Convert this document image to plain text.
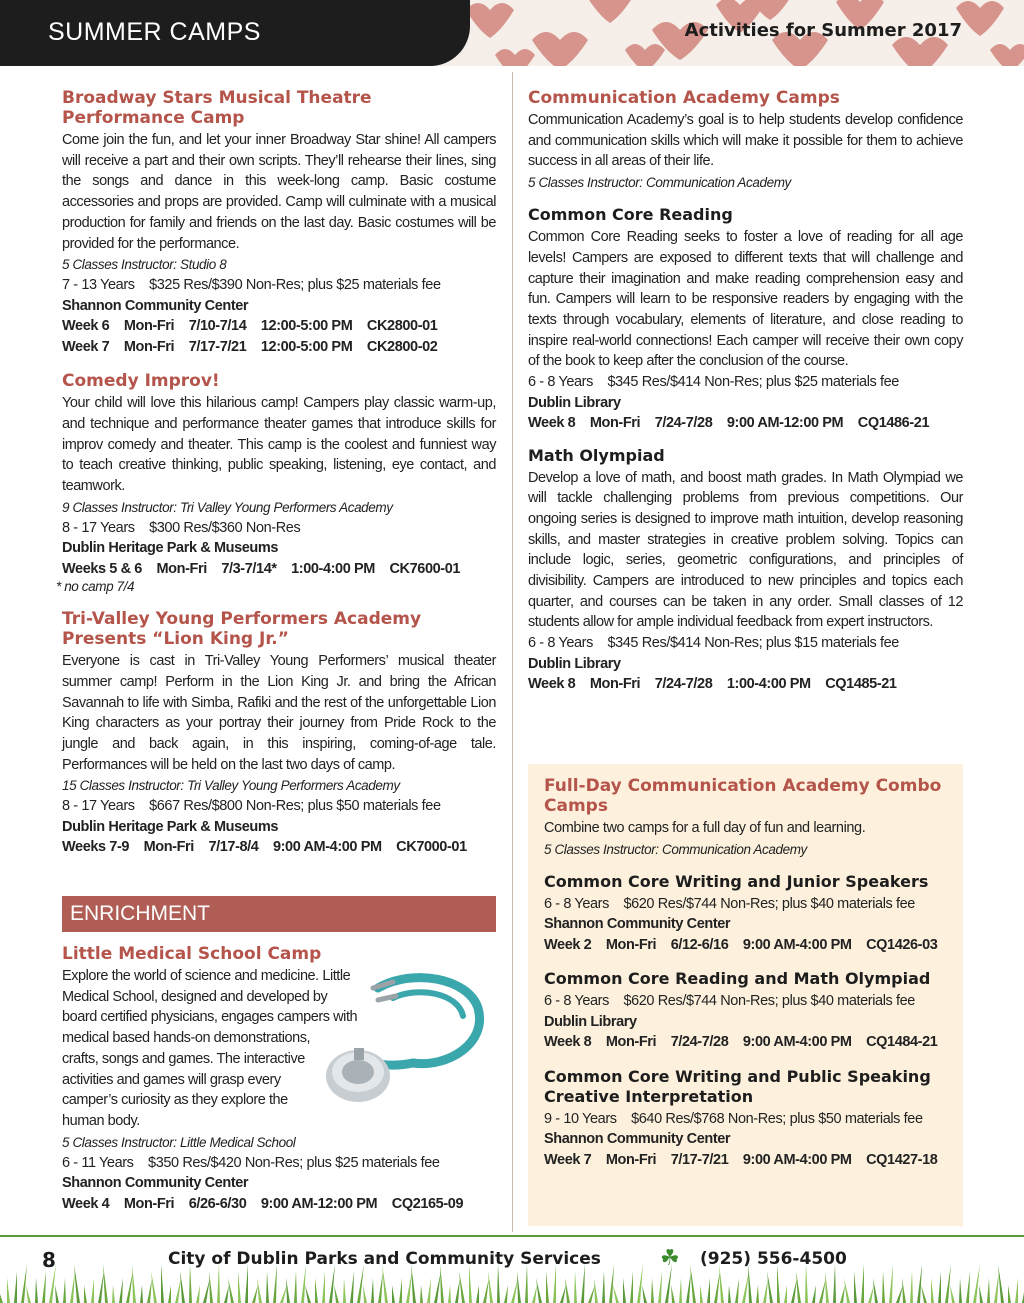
SUMMER CAMPS	Activities for Summer 2017
Broadway Stars Musical Theatre Performance Camp

Come join the fun, and let your inner Broadway Star shine! All campers will receive a part and their own scripts. They’ll rehearse their lines, sing the songs and dance in this week-long camp. Basic costume accessories and props are provided. Camp will culminate with a musical production for family and friends on the last day. Basic costumes will be provided for the performance.

5 Classes Instructor: Studio 8

7 - 13 Years    $325 Res/$390 Non-Res; plus $25 materials fee

Shannon Community Center

Week 6    Mon-Fri    7/10-7/14    12:00-5:00 PM    CK2800-01

Week 7    Mon-Fri    7/17-7/21    12:00-5:00 PM    CK2800-02

Comedy Improv!

Your child will love this hilarious camp! Campers play classic warm-up, and technique and performance theater games that introduce skills for improv comedy and theater. This camp is the coolest and funniest way to teach creative thinking, public speaking, listening, eye contact, and teamwork.

9 Classes Instructor: Tri Valley Young Performers Academy

8 - 17 Years    $300 Res/$360 Non-Res

Dublin Heritage Park & Museums

Weeks 5 & 6    Mon-Fri    7/3-7/14*    1:00-4:00 PM    CK7600-01

* no camp 7/4

Tri-Valley Young Performers Academy Presents “Lion King Jr.”

Everyone is cast in Tri-Valley Young Performers’ musical theater summer camp! Perform in the Lion King Jr. and bring the African Savannah to life with Simba, Rafiki and the rest of the unforgettable Lion King characters as your portray their journey from Pride Rock to the jungle and back again, in this inspiring, coming-of-age tale. Performances will be held on the last two days of camp.

15 Classes Instructor: Tri Valley Young Performers Academy

8 - 17 Years    $667 Res/$800 Non-Res; plus $50 materials fee

Dublin Heritage Park & Museums

Weeks 7-9    Mon-Fri    7/17-8/4    9:00 AM-4:00 PM    CK7000-01

ENRICHMENT
Little Medical School Camp

Explore the world of science and medicine. Little

Medical School, designed and developed by

board certified physicians, engages campers with

medical based hands-on demonstrations,

crafts, songs and games. The interactive

activities and games will grasp every

camper’s curiosity as they explore the

human body.

5 Classes Instructor: Little Medical School

6 - 11 Years    $350 Res/$420 Non-Res; plus $25 materials fee

Shannon Community Center

Week 4    Mon-Fri    6/26-6/30    9:00 AM-12:00 PM    CQ2165-09

Communication Academy Camps

Communication Academy’s goal is to help students develop confidence and communication skills which will make it possible for them to achieve success in all areas of their life.

5 Classes Instructor: Communication Academy

Common Core Reading

Common Core Reading seeks to foster a love of reading for all age levels! Campers are exposed to different texts that will challenge and capture their imagination and make reading comprehension easy and fun. Campers will learn to be responsive readers by engaging with the texts through vocabulary, elements of literature, and close reading to inspire real-world connections! Each camper will receive their own copy of the book to keep after the conclusion of the course.

6 - 8 Years    $345 Res/$414 Non-Res; plus $25 materials fee

Dublin Library

Week 8    Mon-Fri    7/24-7/28    9:00 AM-12:00 PM    CQ1486-21

Math Olympiad

Develop a love of math, and boost math grades. In Math Olympiad we will tackle challenging problems from previous competitions. Our ongoing series is designed to improve math intuition, develop reasoning skills, and master strategies in creative problem solving. Topics can include logic, series, geometric configurations, and principles of divisibility. Campers are introduced to new principles and topics each quarter, and courses can be taken in any order. Small classes of 12 students allow for ample individual feedback from expert instructors.

6 - 8 Years    $345 Res/$414 Non-Res; plus $15 materials fee

Dublin Library

Week 8    Mon-Fri    7/24-7/28    1:00-4:00 PM    CQ1485-21

Full-Day Communication Academy Combo Camps

Combine two camps for a full day of fun and learning.

5 Classes Instructor: Communication Academy

Common Core Writing and Junior Speakers

6 - 8 Years    $620 Res/$744 Non-Res; plus $40 materials fee

Shannon Community Center

Week 2    Mon-Fri    6/12-6/16    9:00 AM-4:00 PM    CQ1426-03

Common Core Reading and Math Olympiad

6 - 8 Years    $620 Res/$744 Non-Res; plus $40 materials fee

Dublin Library

Week 8    Mon-Fri    7/24-7/28    9:00 AM-4:00 PM    CQ1484-21

Common Core Writing and Public Speaking Creative Interpretation

9 - 10 Years    $640 Res/$768 Non-Res; plus $50 materials fee

Shannon Community Center

Week 7    Mon-Fri    7/17-7/21    9:00 AM-4:00 PM    CQ1427-18

8	City of Dublin Parks and Community Services	☘ (925) 556-4500
